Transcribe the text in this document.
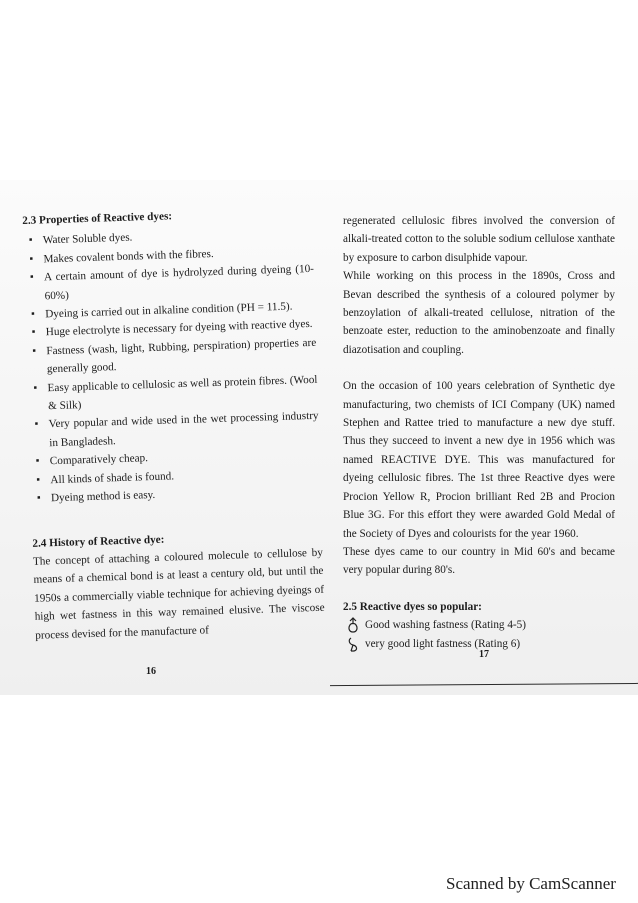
2.3 Properties of Reactive dyes:
▪ Water Soluble dyes.
▪ Makes covalent bonds with the fibres.
▪ A certain amount of dye is hydrolyzed during dyeing (10-60%)
▪ Dyeing is carried out in alkaline condition (PH = 11.5).
▪ Huge electrolyte is necessary for dyeing with reactive dyes.
▪ Fastness (wash, light, Rubbing, perspiration) properties are generally good.
▪ Easy applicable to cellulosic as well as protein fibres. (Wool & Silk)
▪ Very popular and wide used in the wet processing industry in Bangladesh.
▪ Comparatively cheap.
▪ All kinds of shade is found.
▪ Dyeing method is easy.
2.4 History of Reactive dye:
The concept of attaching a coloured molecule to cellulose by means of a chemical bond is at least a century old, but until the 1950s a commercially viable technique for achieving dyeings of high wet fastness in this way remained elusive. The viscose process devised for the manufacture of
16
regenerated cellulosic fibres involved the conversion of alkali-treated cotton to the soluble sodium cellulose xanthate by exposure to carbon disulphide vapour.
While working on this process in the 1890s, Cross and Bevan described the synthesis of a coloured polymer by benzoylation of alkali-treated cellulose, nitration of the benzoate ester, reduction to the aminobenzoate and finally diazotisation and coupling.
On the occasion of 100 years celebration of Synthetic dye manufacturing, two chemists of ICI Company (UK) named Stephen and Rattee tried to manufacture a new dye stuff. Thus they succeed to invent a new dye in 1956 which was named REACTIVE DYE. This was manufactured for dyeing cellulosic fibres. The 1st three Reactive dyes were Procion Yellow R, Procion brilliant Red 2B and Procion Blue 3G. For this effort they were awarded Gold Medal of the Society of Dyes and colourists for the year 1960.
These dyes came to our country in Mid 60's and became very popular during 80's.
2.5 Reactive dyes so popular:
Good washing fastness (Rating 4-5)
very good light fastness (Rating 6)
17
Scanned by CamScanner
